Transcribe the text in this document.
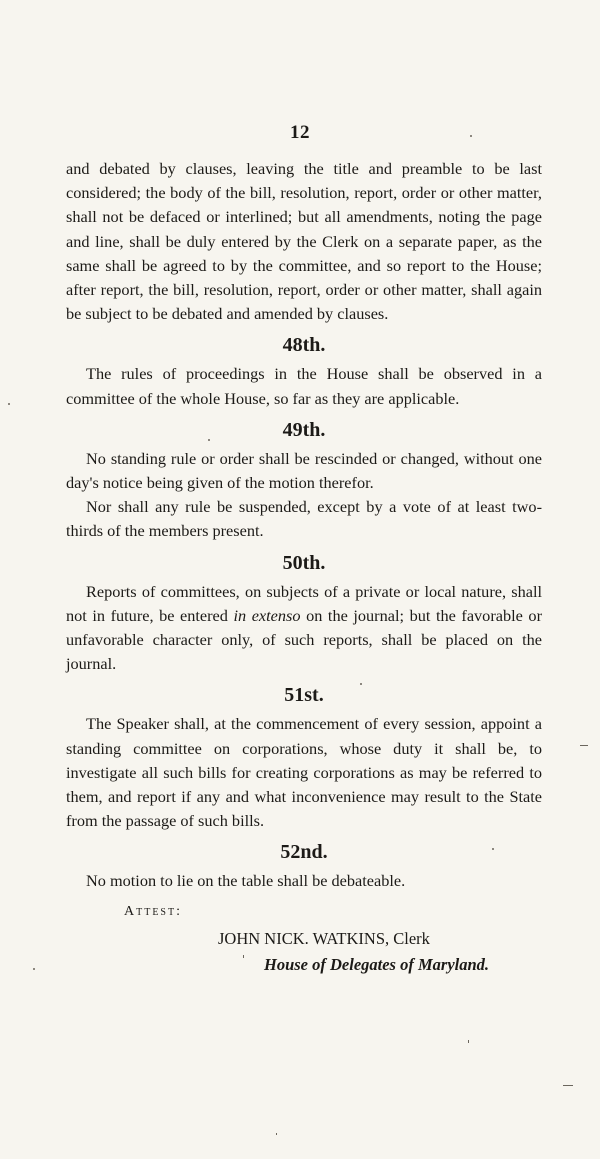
12

and debated by clauses, leaving the title and preamble to be last considered; the body of the bill, resolution, report, order or other matter, shall not be defaced or interlined; but all amendments, noting the page and line, shall be duly entered by the Clerk on a separate paper, as the same shall be agreed to by the committee, and so report to the House; after report, the bill, resolution, report, order or other matter, shall again be subject to be debated and amended by clauses.

48th.

The rules of proceedings in the House shall be observed in a committee of the whole House, so far as they are applicable.

49th.

No standing rule or order shall be rescinded or changed, without one day's notice being given of the motion therefor.

Nor shall any rule be suspended, except by a vote of at least two-thirds of the members present.

50th.

Reports of committees, on subjects of a private or local nature, shall not in future, be entered in extenso on the journal; but the favorable or unfavorable character only, of such reports, shall be placed on the journal.

51st.

The Speaker shall, at the commencement of every session, appoint a standing committee on corporations, whose duty it shall be, to investigate all such bills for creating corporations as may be referred to them, and report if any and what inconvenience may result to the State from the passage of such bills.

52nd.

No motion to lie on the table shall be debateable.

Attest:
JOHN NICK. WATKINS, Clerk
House of Delegates of Maryland.
